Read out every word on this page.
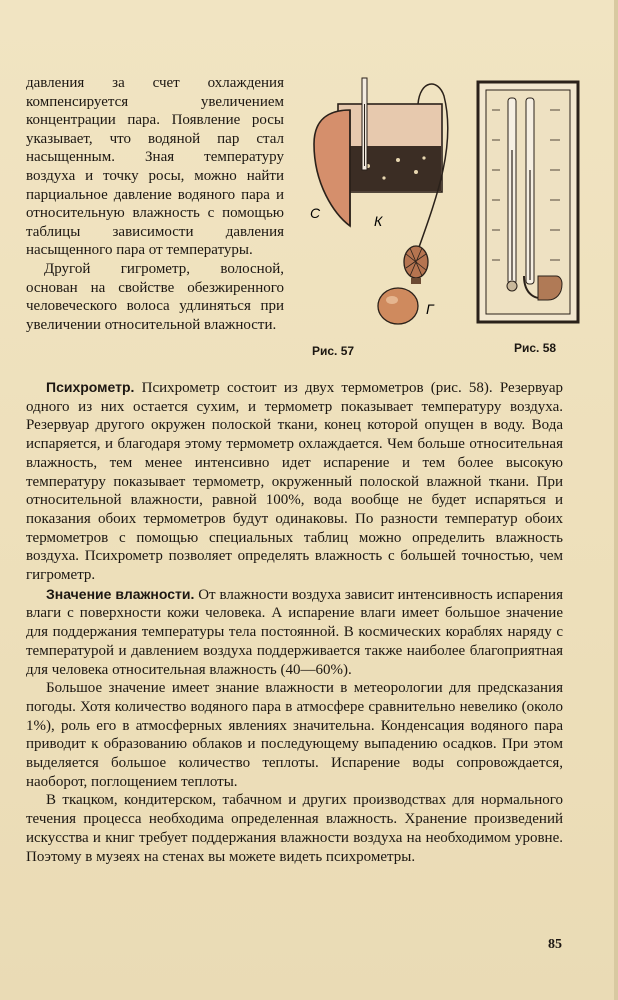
давления за счет охлаждения компенсируется увеличением концентрации пара. Появление росы указывает, что водяной пар стал насыщенным. Зная температуру воздуха и точку росы, можно найти парциальное давление водяного пара и относительную влажность с помощью таблицы зависимости давления насыщенного пара от температуры.

Другой гигрометр, волосной, основан на свойстве обезжиренного человеческого волоса удлиняться при увеличении относительной влажности.

С	К
Г
Рис. 57	Рис. 58

Психрометр. Психрометр состоит из двух термометров (рис. 58). Резервуар одного из них остается сухим, и термометр показывает температуру воздуха. Резервуар другого окружен полоской ткани, конец которой опущен в воду. Вода испаряется, и благодаря этому термометр охлаждается. Чем больше относительная влажность, тем менее интенсивно идет испарение и тем более высокую температуру показывает термометр, окруженный полоской влажной ткани. При относительной влажности, равной 100%, вода вообще не будет испаряться и показания обоих термометров будут одинаковы. По разности температур обоих термометров с помощью специальных таблиц можно определить влажность воздуха. Психрометр позволяет определять влажность с большей точностью, чем гигрометр.

Значение влажности. От влажности воздуха зависит интенсивность испарения влаги с поверхности кожи человека. А испарение влаги имеет большое значение для поддержания температуры тела постоянной. В космических кораблях наряду с температурой и давлением воздуха поддерживается также наиболее благоприятная для человека относительная влажность (40—60%).

Большое значение имеет знание влажности в метеорологии для предсказания погоды. Хотя количество водяного пара в атмосфере сравнительно невелико (около 1%), роль его в атмосферных явлениях значительна. Конденсация водяного пара приводит к образованию облаков и последующему выпадению осадков. При этом выделяется большое количество теплоты. Испарение воды сопровождается, наоборот, поглощением теплоты.

В ткацком, кондитерском, табачном и других производствах для нормального течения процесса необходима определенная влажность. Хранение произведений искусства и книг требует поддержания влажности воздуха на необходимом уровне. Поэтому в музеях на стенах вы можете видеть психрометры.

85
